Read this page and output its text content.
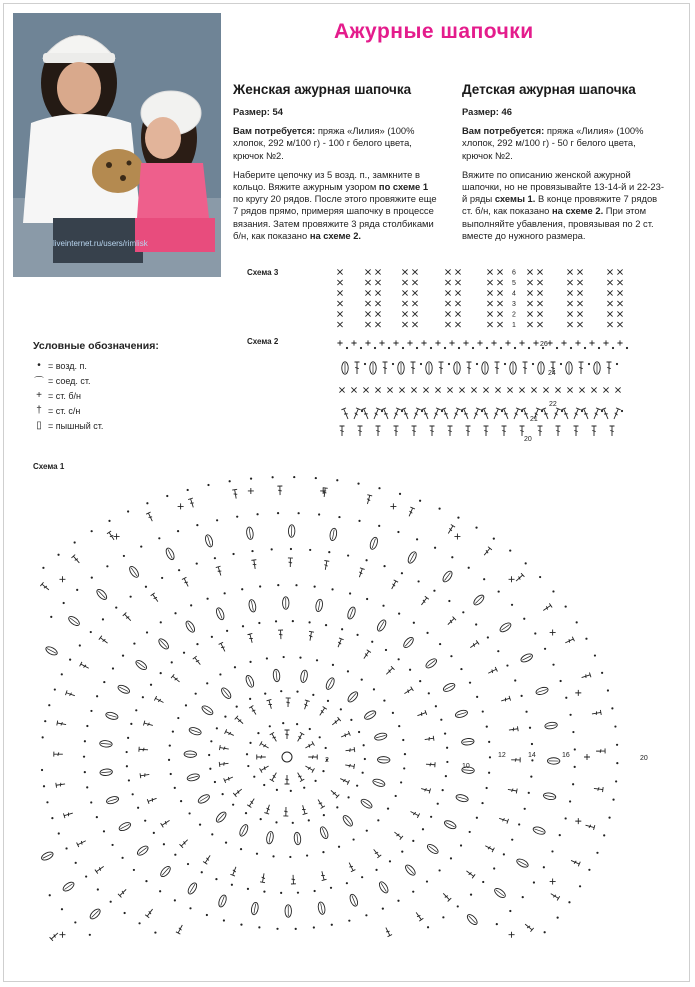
liveinternet.ru/users/rimlisk
Ажурные шапочки
Женская ажурная шапочка

Размер: 54

Вам потребуется: пряжа «Лилия» (100% хлопок, 292 м/100 г) - 100 г белого цвета, крючок №2.

Наберите цепочку из 5 возд. п., замкните в кольцо. Вяжите ажурным узором по схеме 1 по кругу 20 рядов. После этого провяжите еще 7 рядов прямо, примеряя шапочку в процессе вязания. Затем провяжите 3 ряда столбиками б/н, как показано на схеме 2.

Детская ажурная шапочка

Размер: 46

Вам потребуется: пряжа «Лилия» (100% хлопок, 292 м/100 г) - 50 г белого цвета, крючок №2.

Вяжите по описанию женской ажурной шапочки, но не провязывайте 13-14-й и 22-23-й ряды схемы 1. В конце провяжите 7 рядов ст. б/н, как показано на схеме 2. При этом выполняйте убавления, провязывая по 2 ст. вместе до нужного размера.

Схема 3
Схема 2
Схема 1
Условные обозначения:
• = возд. п.
⌒ = соед. ст.
+ = ст. б/н
† = ст. с/н
▯ = пышный ст.
6
5
4
3
2
1
26
24
22
21
20
2
10
12	14	16	20
